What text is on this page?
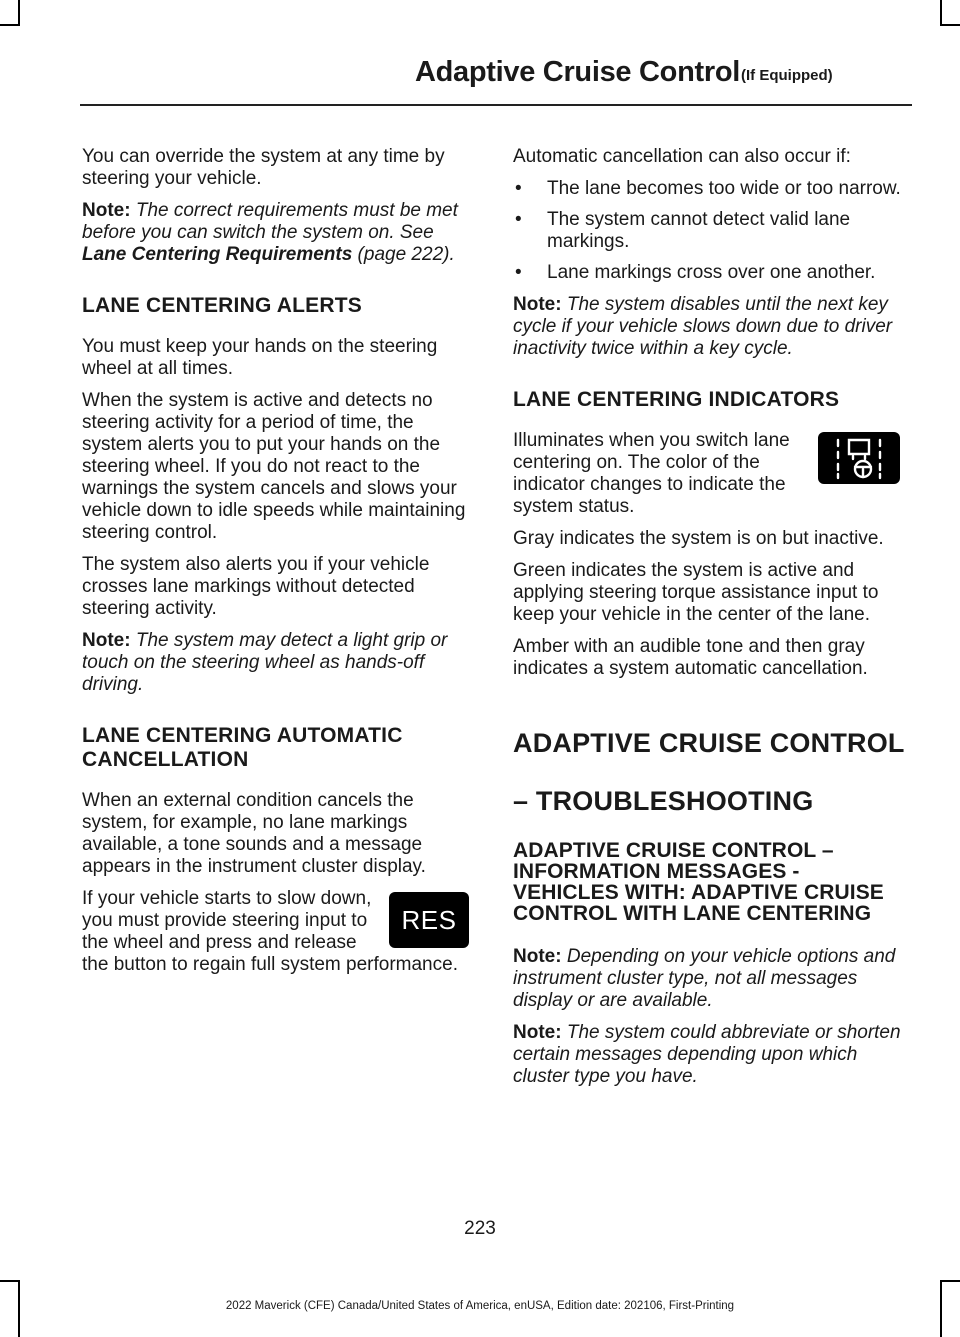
Adaptive Cruise Control (If Equipped)

You can override the system at any time by steering your vehicle.

Note: The correct requirements must be met before you can switch the system on. See Lane Centering Requirements (page 222).

LANE CENTERING ALERTS

You must keep your hands on the steering wheel at all times.

When the system is active and detects no steering activity for a period of time, the system alerts you to put your hands on the steering wheel. If you do not react to the warnings the system cancels and slows your vehicle down to idle speeds while maintaining steering control.

The system also alerts you if your vehicle crosses lane markings without detected steering activity.

Note: The system may detect a light grip or touch on the steering wheel as hands-off driving.

LANE CENTERING AUTOMATIC CANCELLATION

When an external condition cancels the system, for example, no lane markings available, a tone sounds and a message appears in the instrument cluster display.

RES
If your vehicle starts to slow down, you must provide steering input to the wheel and press and release the button to regain full system performance.

Automatic cancellation can also occur if:

• The lane becomes too wide or too narrow.
• The system cannot detect valid lane markings.
• Lane markings cross over one another.

Note: The system disables until the next key cycle if your vehicle slows down due to driver inactivity twice within a key cycle.

LANE CENTERING INDICATORS

Illuminates when you switch lane centering on. The color of the indicator changes to indicate the system status.

Gray indicates the system is on but inactive.

Green indicates the system is active and applying steering torque assistance input to keep your vehicle in the center of the lane.

Amber with an audible tone and then gray indicates a system automatic cancellation.

ADAPTIVE CRUISE CONTROL
– TROUBLESHOOTING
ADAPTIVE CRUISE CONTROL – INFORMATION MESSAGES - VEHICLES WITH: ADAPTIVE CRUISE CONTROL WITH LANE CENTERING

Note: Depending on your vehicle options and instrument cluster type, not all messages display or are available.

Note: The system could abbreviate or shorten certain messages depending upon which cluster type you have.

223
2022 Maverick (CFE) Canada/United States of America, enUSA, Edition date: 202106, First-Printing
